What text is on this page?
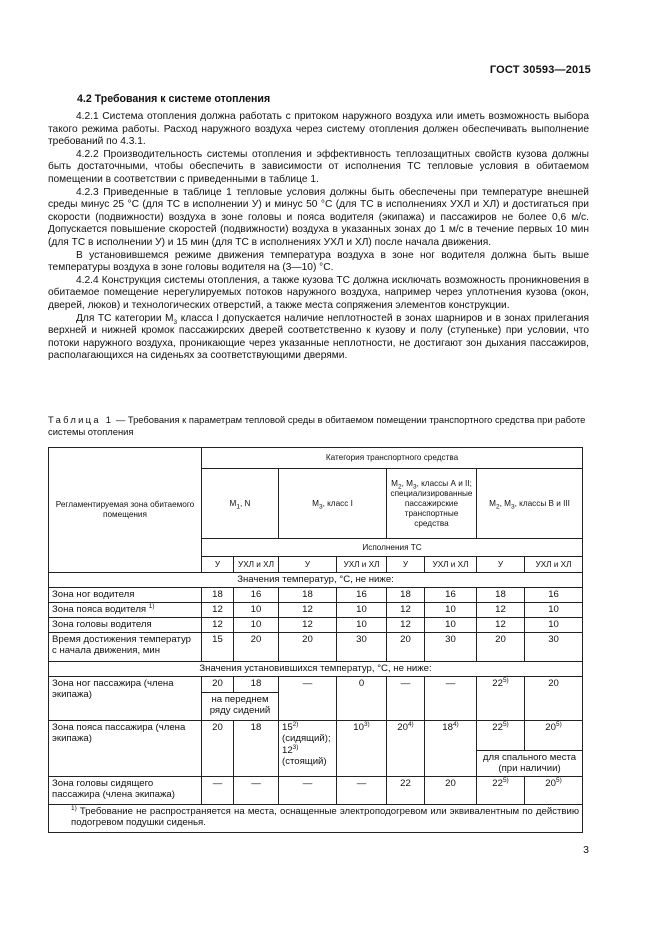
ГОСТ 30593—2015
4.2 Требования к системе отопления

4.2.1 Система отопления должна работать с притоком наружного воздуха или иметь возможность выбора такого режима работы. Расход наружного воздуха через систему отопления должен обеспечивать выполнение требований по 4.3.1.

4.2.2 Производительность системы отопления и эффективность теплозащитных свойств кузова должны быть достаточными, чтобы обеспечить в зависимости от исполнения ТС тепловые условия в обитаемом помещении в соответствии с приведенными в таблице 1.

4.2.3 Приведенные в таблице 1 тепловые условия должны быть обеспечены при температуре внешней среды минус 25 °С (для ТС в исполнении У) и минус 50 °С (для ТС в исполнениях УХЛ и ХЛ) и достигаться при скорости (подвижности) воздуха в зоне головы и пояса водителя (экипажа) и пассажиров не более 0,6 м/с. Допускается повышение скоростей (подвижности) воздуха в указанных зонах до 1 м/с в течение первых 10 мин (для ТС в исполнении У) и 15 мин (для ТС в исполнениях УХЛ и ХЛ) после начала движения.

В установившемся режиме движения температура воздуха в зоне ног водителя должна быть выше температуры воздуха в зоне головы водителя на (3—10) °С.

4.2.4 Конструкция системы отопления, а также кузова ТС должна исключать возможность проникновения в обитаемое помещение нерегулируемых потоков наружного воздуха, например через уплотнения кузова (окон, дверей, люков) и технологических отверстий, а также места сопряжения элементов конструкции.

Для ТС категории $М_3$ класса I допускается наличие неплотностей в зонах шарниров и в зонах прилегания верхней и нижней кромок пассажирских дверей соответственно к кузову и полу (ступеньке) при условии, что потоки наружного воздуха, проникающие через указанные неплотности, не достигают зон дыхания пассажиров, располагающихся на сиденьях за соответствующими дверями.

Таблица 1 — Требования к параметрам тепловой среды в обитаемом помещении транспортного средства при работе системы отопления
Регламентируемая зона обитаемого помещения	Категория транспортного средства							
	$М_1$, N		$М_3$, класс I		$М_2$, $М_3$, классы А и II; специализированные пассажирские транспортные средства		$М_2$, $М_3$, классы В и III	
	Исполнения ТС							
	У	УХЛ и ХЛ	У	УХЛ и ХЛ	У	УХЛ и ХЛ	У	УХЛ и ХЛ
Значения температур, °С, не ниже:								
Зона ног водителя	18	16	18	16	18	16	18	16
Зона пояса водителя $^{1)}$	12	10	12	10	12	10	12	10
Зона головы водителя	12	10	12	10	12	10	12	10
Время достижения температур с начала движения, мин	15	20	20	30	20	30	20	30
Значения установившихся температур, °С, не ниже:								
Зона ног пассажира (члена экипажа)	20	18	—	0	—	—	22$^{5)}$	20
	на переднем ряду сидений							
Зона пояса пассажира (члена экипажа)	20	18	15$^{2)}$ (сидящий); 12$^{3)}$ (стоящий)	10$^{3)}$	20$^{4)}$	18$^{4)}$	22$^{5)}$	20$^{5)}$
							для спального места (при наличии)	
Зона головы сидящего пассажира (члена экипажа)	—	—	—	—	22	20	22$^{5)}$	20$^{5)}$
$^{1)}$ Требование не распространяется на места, оснащенные электроподогревом или эквивалентным по действию подогревом подушки сиденья.								
3
